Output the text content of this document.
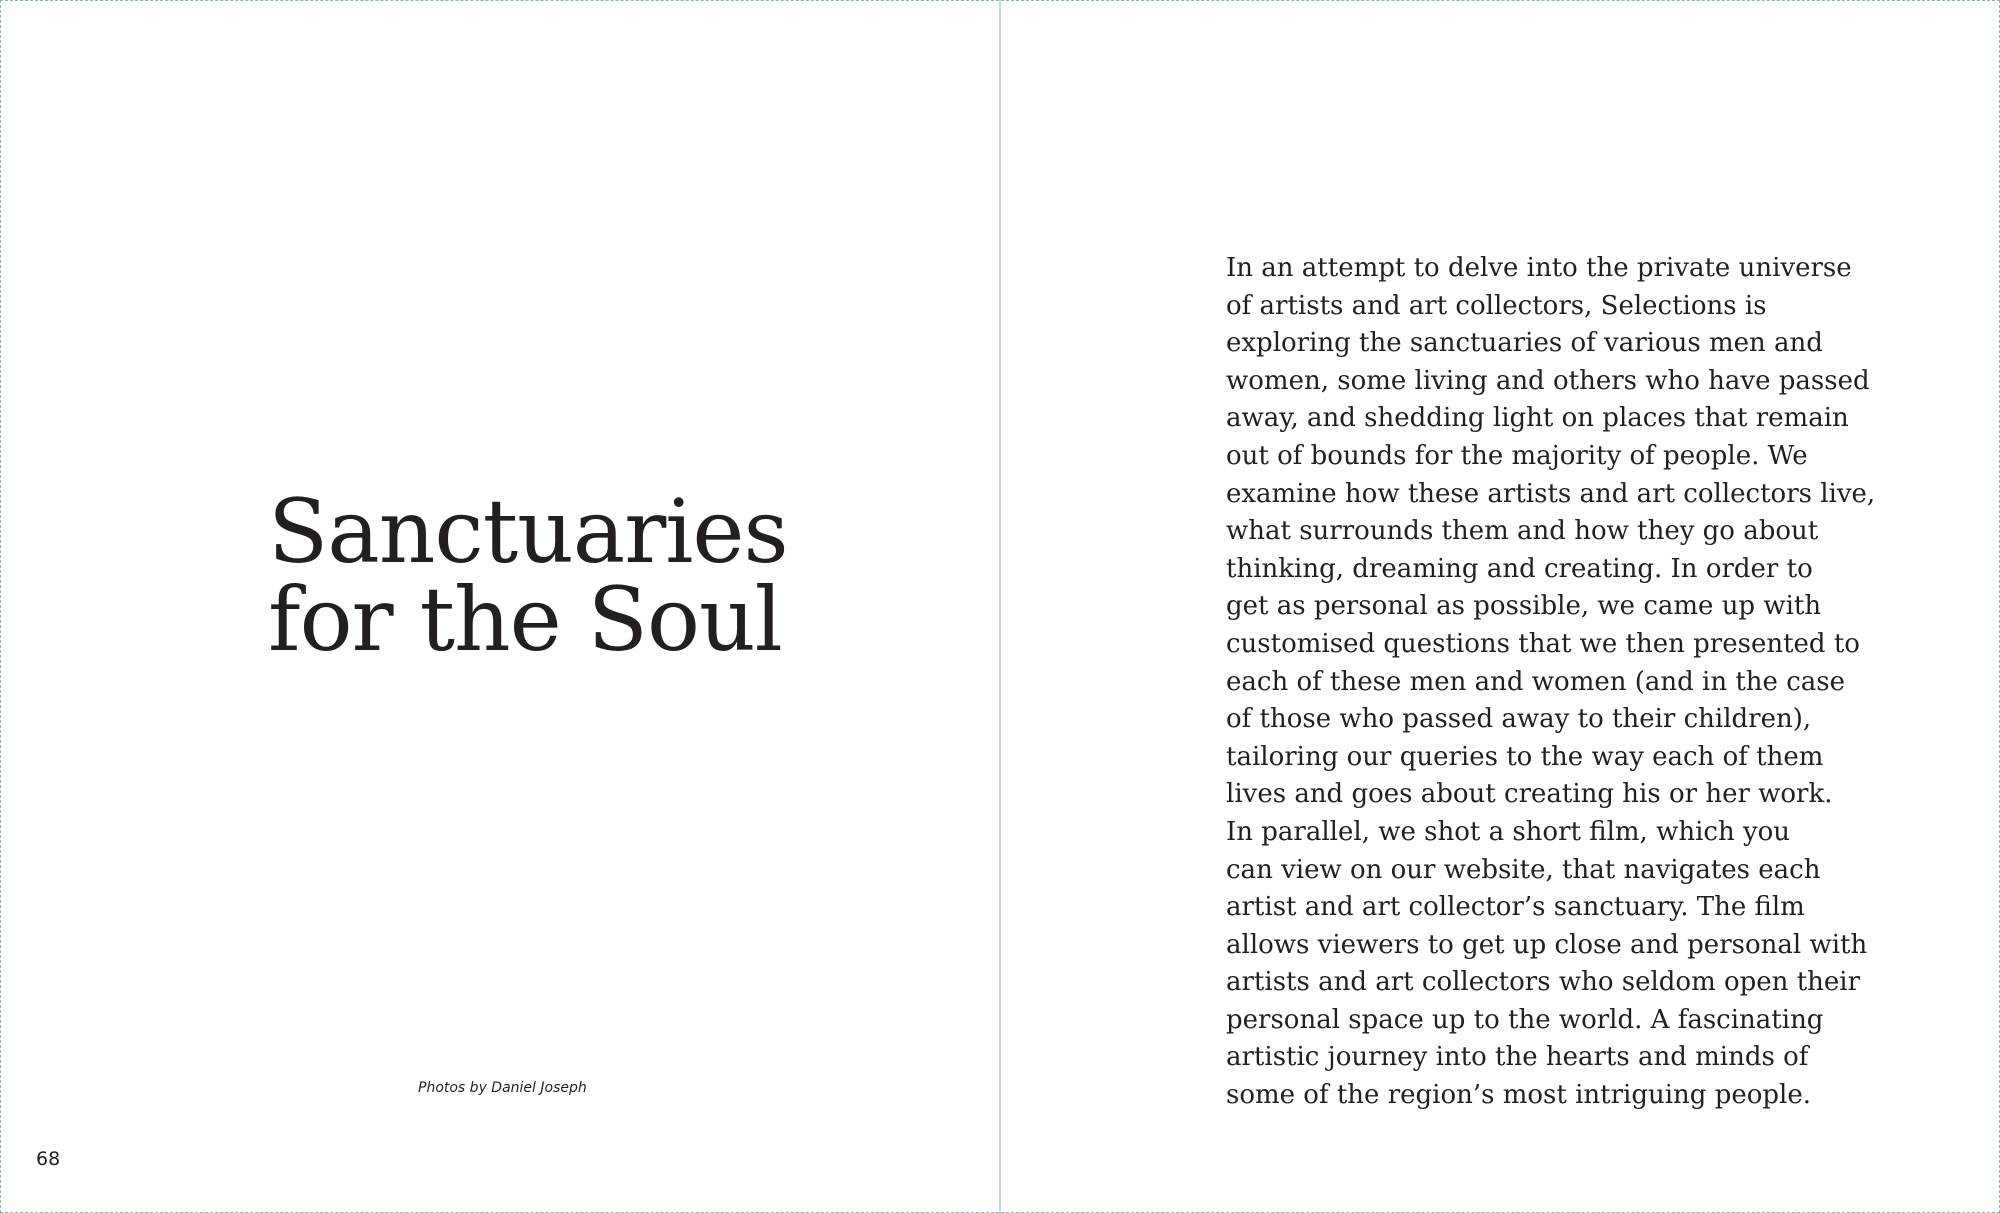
Sanctuaries
for the Soul
Photos by Daniel Joseph
68

In an attempt to delve into the private universe
of artists and art collectors, Selections is
exploring the sanctuaries of various men and
women, some living and others who have passed
away, and shedding light on places that remain
out of bounds for the majority of people. We
examine how these artists and art collectors live,
what surrounds them and how they go about
thinking, dreaming and creating. In order to
get as personal as possible, we came up with
customised questions that we then presented to
each of these men and women (and in the case
of those who passed away to their children),
tailoring our queries to the way each of them
lives and goes about creating his or her work.
In parallel, we shot a short film, which you
can view on our website, that navigates each
artist and art collector’s sanctuary. The film
allows viewers to get up close and personal with
artists and art collectors who seldom open their
personal space up to the world. A fascinating
artistic journey into the hearts and minds of
some of the region’s most intriguing people.
